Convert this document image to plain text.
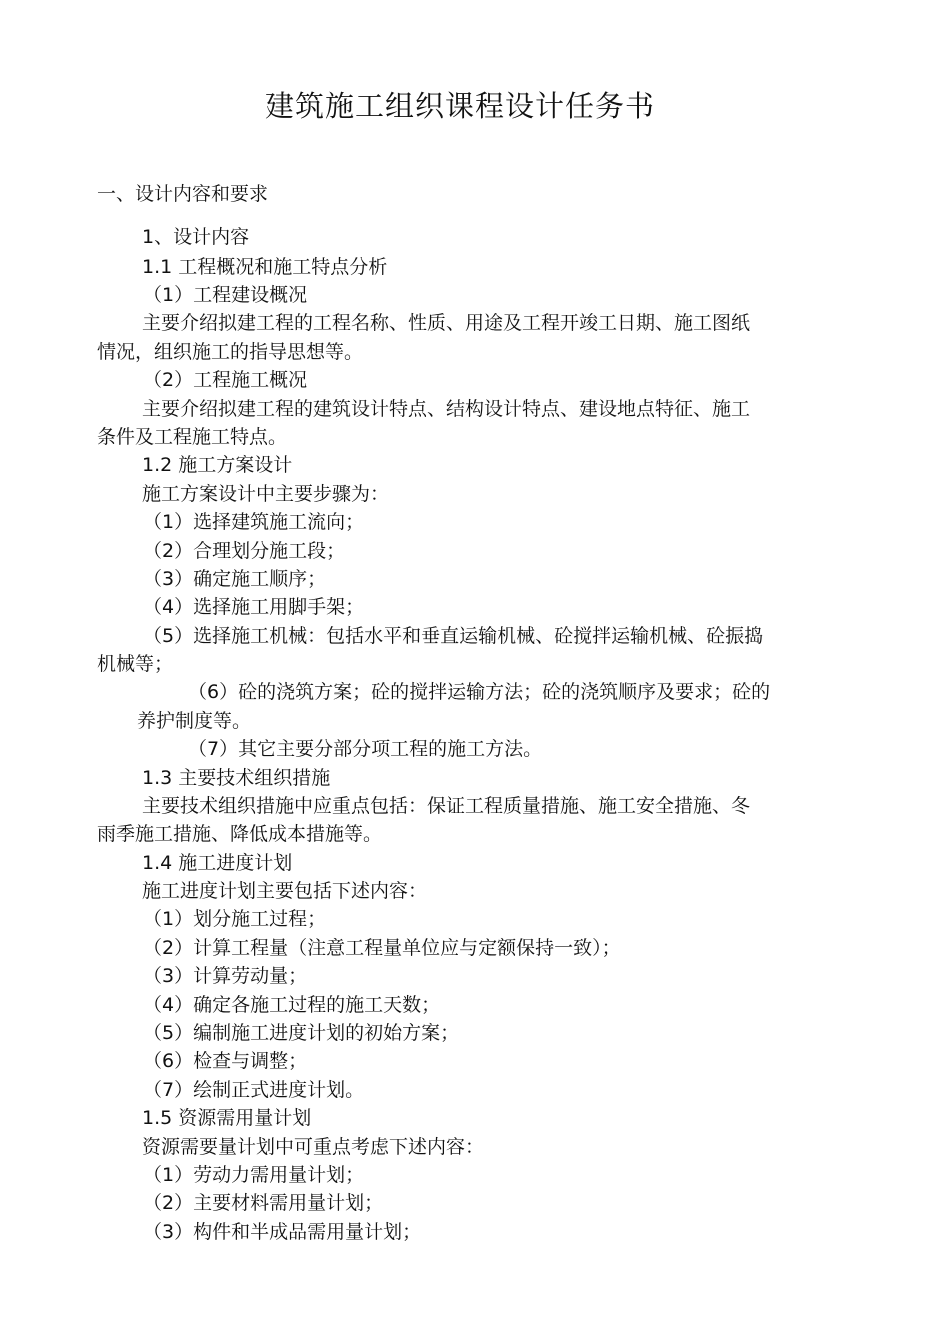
建筑施工组织课程设计任务书
一、设计内容和要求
1、设计内容
1.1 工程概况和施工特点分析
（1）工程建设概况
主要介绍拟建工程的工程名称、性质、用途及工程开竣工日期、施工图纸
情况，组织施工的指导思想等。
（2）工程施工概况
主要介绍拟建工程的建筑设计特点、结构设计特点、建设地点特征、施工
条件及工程施工特点。
1.2 施工方案设计
施工方案设计中主要步骤为：
（1）选择建筑施工流向；
（2）合理划分施工段；
（3）确定施工顺序；
（4）选择施工用脚手架；
（5）选择施工机械：包括水平和垂直运输机械、砼搅拌运输机械、砼振捣
机械等；
（6）砼的浇筑方案；砼的搅拌运输方法；砼的浇筑顺序及要求；砼的
养护制度等。
（7）其它主要分部分项工程的施工方法。
1.3 主要技术组织措施
主要技术组织措施中应重点包括：保证工程质量措施、施工安全措施、冬
雨季施工措施、降低成本措施等。
1.4 施工进度计划
施工进度计划主要包括下述内容：
（1）划分施工过程；
（2）计算工程量（注意工程量单位应与定额保持一致）；
（3）计算劳动量；
（4）确定各施工过程的施工天数；
（5）编制施工进度计划的初始方案；
（6）检查与调整；
（7）绘制正式进度计划。
1.5 资源需用量计划
资源需要量计划中可重点考虑下述内容：
（1）劳动力需用量计划；
（2）主要材料需用量计划；
（3）构件和半成品需用量计划；
